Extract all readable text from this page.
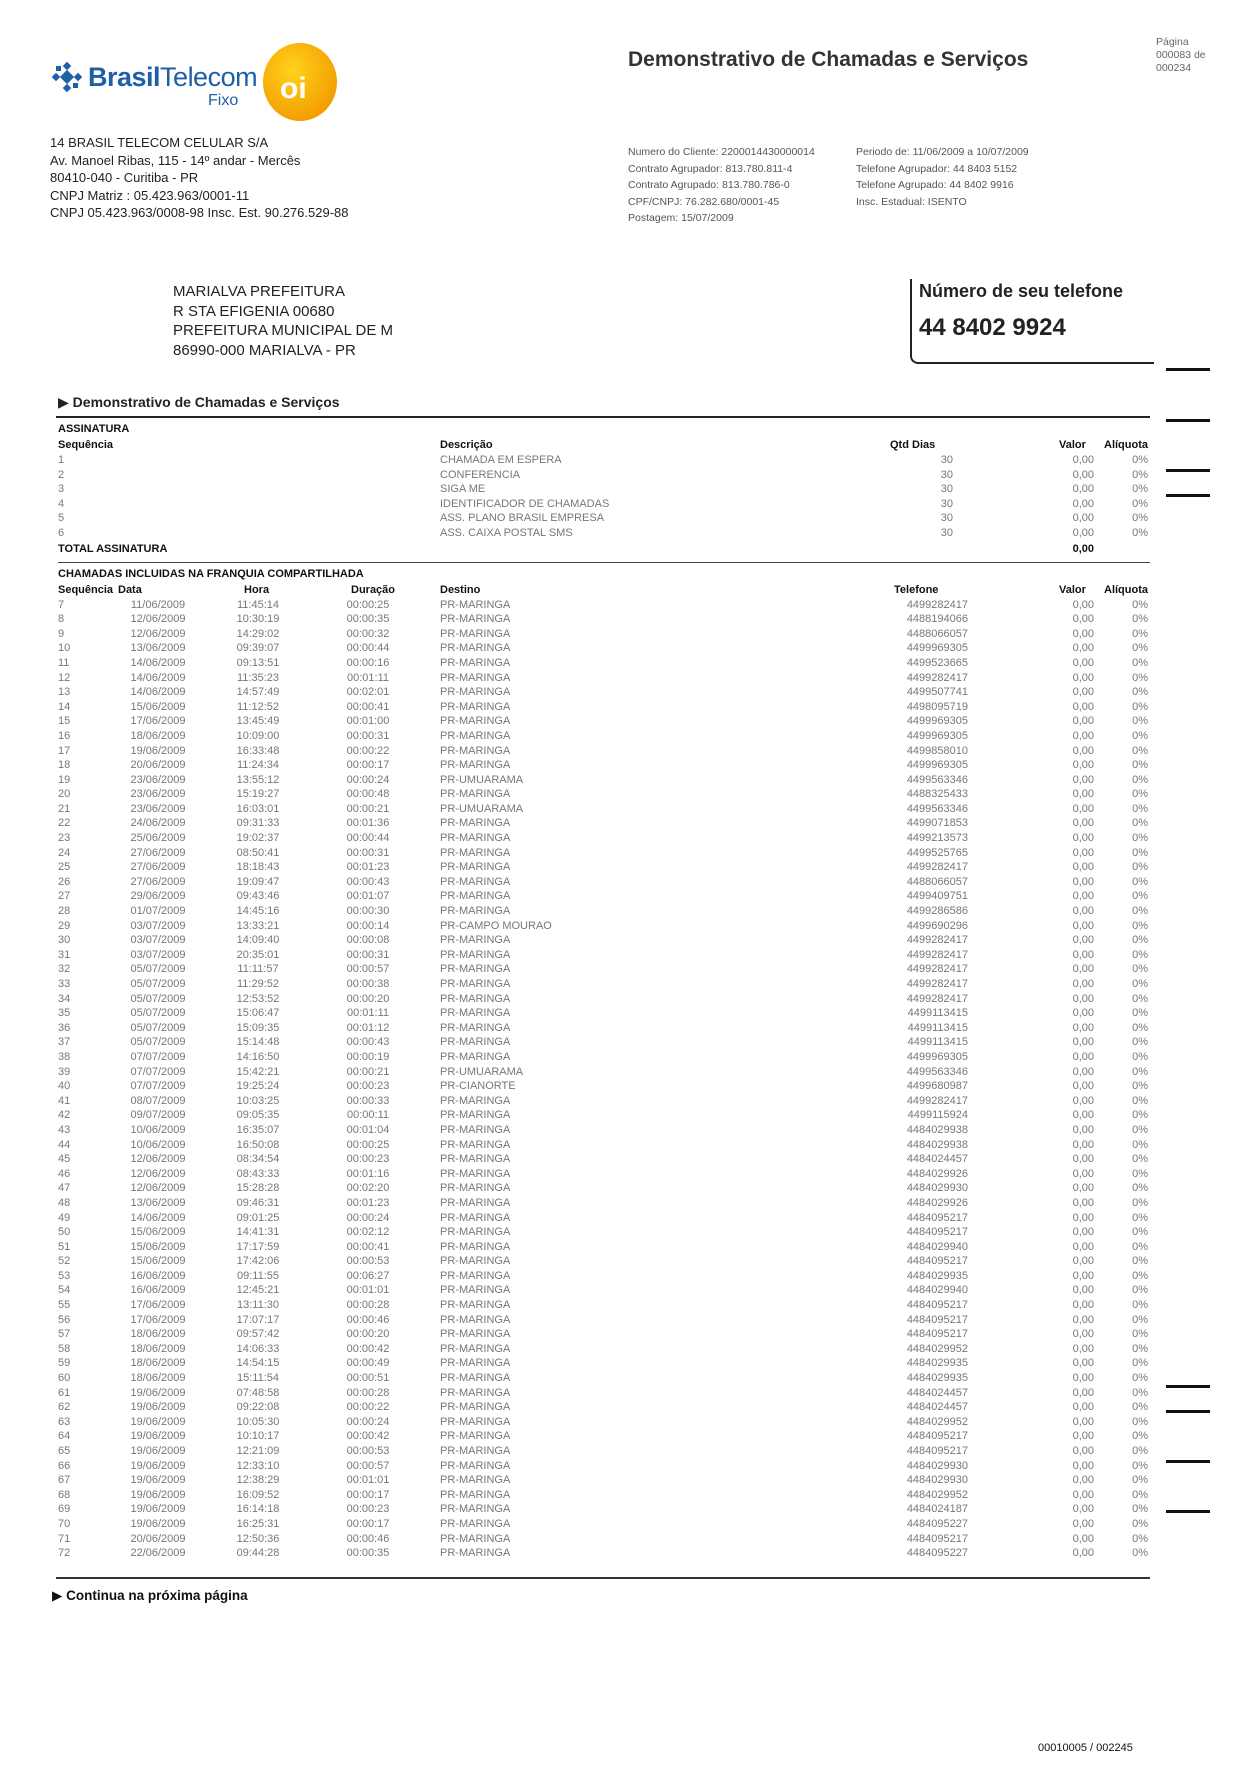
BrasilTelecom
Fixo oi
14 BRASIL TELECOM CELULAR S/A
Av. Manoel Ribas, 115 - 14º andar - Mercês
80410-040 - Curitiba - PR
CNPJ Matriz : 05.423.963/0001-11
CNPJ 05.423.963/0008-98 Insc. Est. 90.276.529-88
Demonstrativo de Chamadas e Serviços
Página
000083 de
000234
Numero do Cliente: 2200014430000014
Contrato Agrupador: 813.780.811-4
Contrato Agrupado: 813.780.786-0
CPF/CNPJ: 76.282.680/0001-45
Postagem: 15/07/2009
Periodo de: 11/06/2009 a 10/07/2009
Telefone Agrupador: 44 8403 5152
Telefone Agrupado: 44 8402 9916
Insc. Estadual: ISENTO
MARIALVA PREFEITURA
R STA EFIGENIA 00680
PREFEITURA MUNICIPAL DE M
86990-000 MARIALVA - PR
Número de seu telefone
44 8402 9924
▶ Demonstrativo de Chamadas e Serviços
ASSINATURA
Sequência	Descrição	Qtd Dias	Valor	Alíquota
1	CHAMADA EM ESPERA	30	0,00	0%
2	CONFERENCIA	30	0,00	0%
3	SIGA ME	30	0,00	0%
4	IDENTIFICADOR DE CHAMADAS	30	0,00	0%
5	ASS. PLANO BRASIL EMPRESA	30	0,00	0%
6	ASS. CAIXA POSTAL SMS	30	0,00	0%
TOTAL ASSINATURA	0,00
CHAMADAS INCLUIDAS NA FRANQUIA COMPARTILHADA
Sequência Data	Hora	Duração	Destino	Telefone	Valor	Alíquota
7	11/06/2009	11:45:14	00:00:25	PR-MARINGA	4499282417	0,00	0%
8	12/06/2009	10:30:19	00:00:35	PR-MARINGA	4488194066	0,00	0%
9	12/06/2009	14:29:02	00:00:32	PR-MARINGA	4488066057	0,00	0%
10	13/06/2009	09:39:07	00:00:44	PR-MARINGA	4499969305	0,00	0%
11	14/06/2009	09:13:51	00:00:16	PR-MARINGA	4499523665	0,00	0%
12	14/06/2009	11:35:23	00:01:11	PR-MARINGA	4499282417	0,00	0%
13	14/06/2009	14:57:49	00:02:01	PR-MARINGA	4499507741	0,00	0%
14	15/06/2009	11:12:52	00:00:41	PR-MARINGA	4498095719	0,00	0%
15	17/06/2009	13:45:49	00:01:00	PR-MARINGA	4499969305	0,00	0%
16	18/06/2009	10:09:00	00:00:31	PR-MARINGA	4499969305	0,00	0%
17	19/06/2009	16:33:48	00:00:22	PR-MARINGA	4499858010	0,00	0%
18	20/06/2009	11:24:34	00:00:17	PR-MARINGA	4499969305	0,00	0%
19	23/06/2009	13:55:12	00:00:24	PR-UMUARAMA	4499563346	0,00	0%
20	23/06/2009	15:19:27	00:00:48	PR-MARINGA	4488325433	0,00	0%
21	23/06/2009	16:03:01	00:00:21	PR-UMUARAMA	4499563346	0,00	0%
22	24/06/2009	09:31:33	00:01:36	PR-MARINGA	4499071853	0,00	0%
23	25/06/2009	19:02:37	00:00:44	PR-MARINGA	4499213573	0,00	0%
24	27/06/2009	08:50:41	00:00:31	PR-MARINGA	4499525765	0,00	0%
25	27/06/2009	18:18:43	00:01:23	PR-MARINGA	4499282417	0,00	0%
26	27/06/2009	19:09:47	00:00:43	PR-MARINGA	4488066057	0,00	0%
27	29/06/2009	09:43:46	00:01:07	PR-MARINGA	4499409751	0,00	0%
28	01/07/2009	14:45:16	00:00:30	PR-MARINGA	4499286586	0,00	0%
29	03/07/2009	13:33:21	00:00:14	PR-CAMPO MOURAO	4499690296	0,00	0%
30	03/07/2009	14:09:40	00:00:08	PR-MARINGA	4499282417	0,00	0%
31	03/07/2009	20:35:01	00:00:31	PR-MARINGA	4499282417	0,00	0%
32	05/07/2009	11:11:57	00:00:57	PR-MARINGA	4499282417	0,00	0%
33	05/07/2009	11:29:52	00:00:38	PR-MARINGA	4499282417	0,00	0%
34	05/07/2009	12:53:52	00:00:20	PR-MARINGA	4499282417	0,00	0%
35	05/07/2009	15:06:47	00:01:11	PR-MARINGA	4499113415	0,00	0%
36	05/07/2009	15:09:35	00:01:12	PR-MARINGA	4499113415	0,00	0%
37	05/07/2009	15:14:48	00:00:43	PR-MARINGA	4499113415	0,00	0%
38	07/07/2009	14:16:50	00:00:19	PR-MARINGA	4499969305	0,00	0%
39	07/07/2009	15:42:21	00:00:21	PR-UMUARAMA	4499563346	0,00	0%
40	07/07/2009	19:25:24	00:00:23	PR-CIANORTE	4499680987	0,00	0%
41	08/07/2009	10:03:25	00:00:33	PR-MARINGA	4499282417	0,00	0%
42	09/07/2009	09:05:35	00:00:11	PR-MARINGA	4499115924	0,00	0%
43	10/06/2009	16:35:07	00:01:04	PR-MARINGA	4484029938	0,00	0%
44	10/06/2009	16:50:08	00:00:25	PR-MARINGA	4484029938	0,00	0%
45	12/06/2009	08:34:54	00:00:23	PR-MARINGA	4484024457	0,00	0%
46	12/06/2009	08:43:33	00:01:16	PR-MARINGA	4484029926	0,00	0%
47	12/06/2009	15:28:28	00:02:20	PR-MARINGA	4484029930	0,00	0%
48	13/06/2009	09:46:31	00:01:23	PR-MARINGA	4484029926	0,00	0%
49	14/06/2009	09:01:25	00:00:24	PR-MARINGA	4484095217	0,00	0%
50	15/06/2009	14:41:31	00:02:12	PR-MARINGA	4484095217	0,00	0%
51	15/06/2009	17:17:59	00:00:41	PR-MARINGA	4484029940	0,00	0%
52	15/06/2009	17:42:06	00:00:53	PR-MARINGA	4484095217	0,00	0%
53	16/06/2009	09:11:55	00:06:27	PR-MARINGA	4484029935	0,00	0%
54	16/06/2009	12:45:21	00:01:01	PR-MARINGA	4484029940	0,00	0%
55	17/06/2009	13:11:30	00:00:28	PR-MARINGA	4484095217	0,00	0%
56	17/06/2009	17:07:17	00:00:46	PR-MARINGA	4484095217	0,00	0%
57	18/06/2009	09:57:42	00:00:20	PR-MARINGA	4484095217	0,00	0%
58	18/06/2009	14:06:33	00:00:42	PR-MARINGA	4484029952	0,00	0%
59	18/06/2009	14:54:15	00:00:49	PR-MARINGA	4484029935	0,00	0%
60	18/06/2009	15:11:54	00:00:51	PR-MARINGA	4484029935	0,00	0%
61	19/06/2009	07:48:58	00:00:28	PR-MARINGA	4484024457	0,00	0%
62	19/06/2009	09:22:08	00:00:22	PR-MARINGA	4484024457	0,00	0%
63	19/06/2009	10:05:30	00:00:24	PR-MARINGA	4484029952	0,00	0%
64	19/06/2009	10:10:17	00:00:42	PR-MARINGA	4484095217	0,00	0%
65	19/06/2009	12:21:09	00:00:53	PR-MARINGA	4484095217	0,00	0%
66	19/06/2009	12:33:10	00:00:57	PR-MARINGA	4484029930	0,00	0%
67	19/06/2009	12:38:29	00:01:01	PR-MARINGA	4484029930	0,00	0%
68	19/06/2009	16:09:52	00:00:17	PR-MARINGA	4484029952	0,00	0%
69	19/06/2009	16:14:18	00:00:23	PR-MARINGA	4484024187	0,00	0%
70	19/06/2009	16:25:31	00:00:17	PR-MARINGA	4484095227	0,00	0%
71	20/06/2009	12:50:36	00:00:46	PR-MARINGA	4484095217	0,00	0%
72	22/06/2009	09:44:28	00:00:35	PR-MARINGA	4484095227	0,00	0%
▶ Continua na próxima página
00010005 / 002245
